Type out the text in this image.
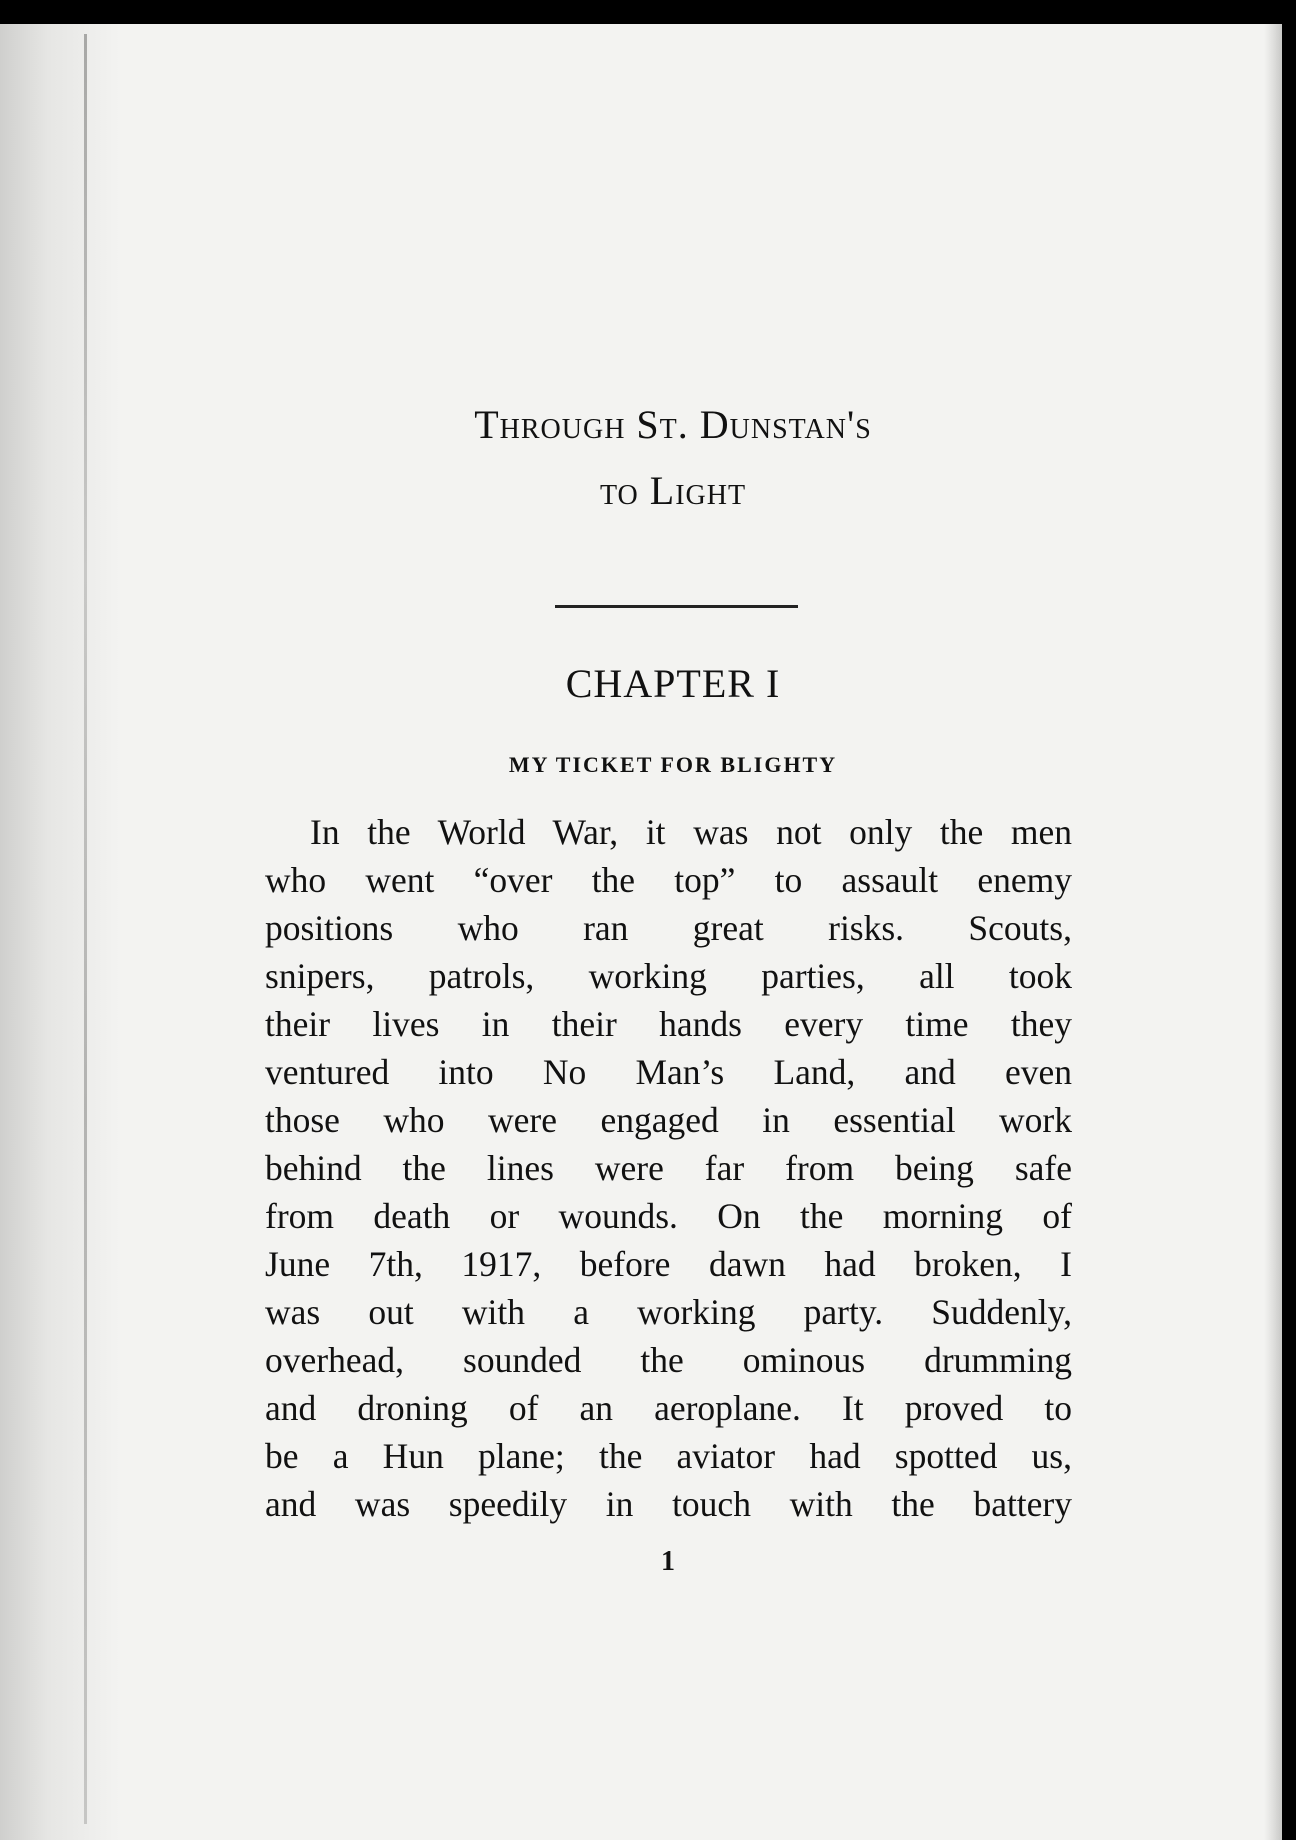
Through St. Dunstan's
to Light
CHAPTER I
MY TICKET FOR BLIGHTY
In the World War, it was not only the men
who went “over the top” to assault enemy
positions who ran great risks. Scouts,
snipers, patrols, working parties, all took
their lives in their hands every time they
ventured into No Man’s Land, and even
those who were engaged in essential work
behind the lines were far from being safe
from death or wounds. On the morning of
June 7th, 1917, before dawn had broken, I
was out with a working party. Suddenly,
overhead, sounded the ominous drumming
and droning of an aeroplane. It proved to
be a Hun plane; the aviator had spotted us,
and was speedily in touch with the battery
1
